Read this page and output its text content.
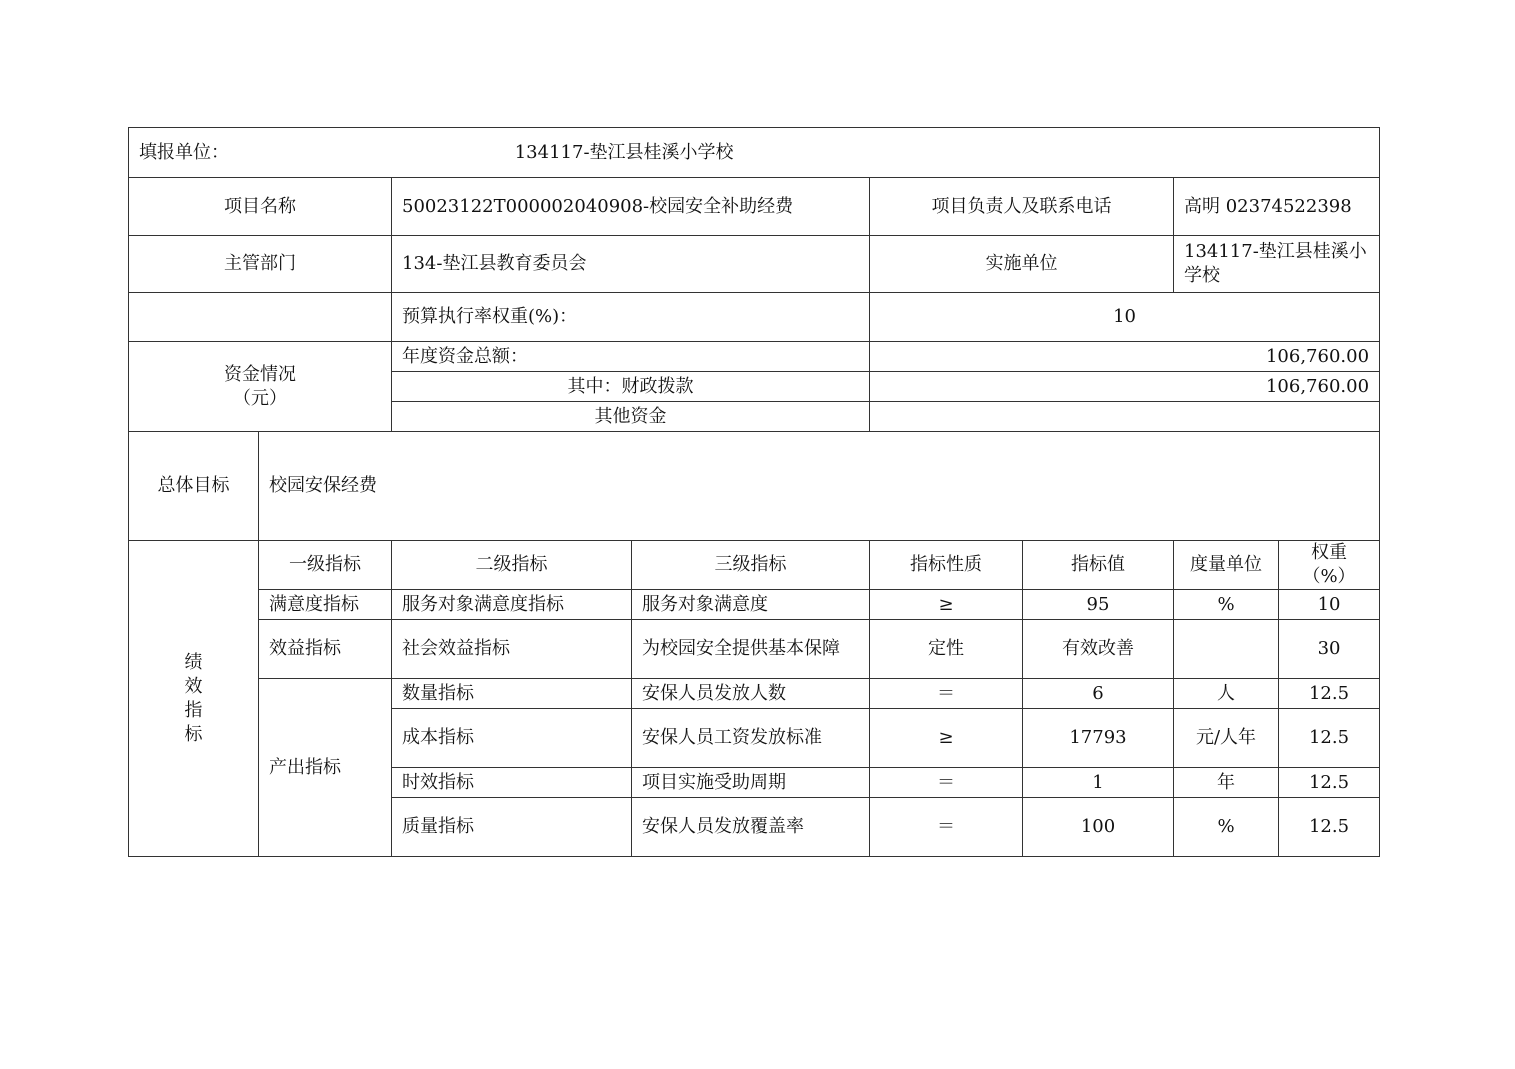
填报单位： 134117-垫江县桂溪小学校							
项目名称		50023122T000002040908-校园安全补助经费		项目负责人及联系电话		高明 02374522398	
主管部门		134-垫江县教育委员会		实施单位		134117-垫江县桂溪小学校	
		预算执行率权重(%)：		10			

资金情况
（元）		年度资金总额：		106,760.00			
		其中：财政拨款		106,760.00			
		其他资金					
总体目标	校园安保经费						

绩
效
指
标	一级指标	二级指标	三级指标	指标性质	指标值	度量单位	权重（%）
	满意度指标	服务对象满意度指标	服务对象满意度	≥	95	%	10
	效益指标	社会效益指标	为校园安全提供基本保障	定性	有效改善		30
	产出指标	数量指标	安保人员发放人数	＝	6	人	12.5
		成本指标	安保人员工资发放标准	≥	17793	元/人年	12.5
		时效指标	项目实施受助周期	＝	1	年	12.5
		质量指标	安保人员发放覆盖率	＝	100	%	12.5
